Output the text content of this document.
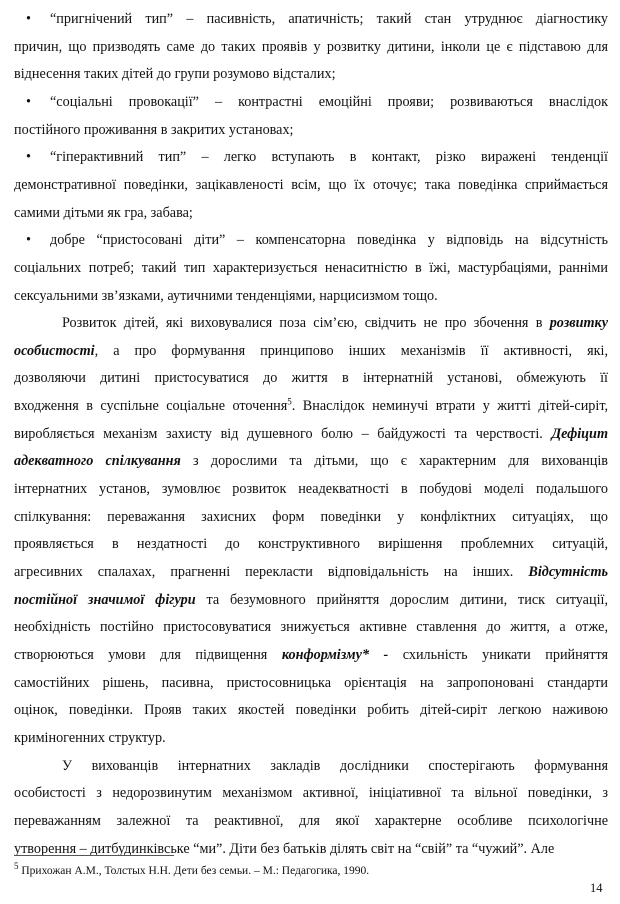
• “пригнічений тип” – пасивність, апатичність; такий стан утруднює діагностику
причин, що призводять саме до таких проявів у розвитку дитини, інколи це є підставою для
віднесення таких дітей до групи розумово відсталих;
• “соціальні провокації” – контрастні емоційні прояви; розвиваються внаслідок
постійного проживання в закритих установах;
• “гіперактивний тип” – легко вступають в контакт, різко виражені тенденції
демонстративної поведінки, зацікавленості всім, що їх оточує; така поведінка сприймається
самими дітьми як гра, забава;
• добре “пристосовані діти” – компенсаторна поведінка у відповідь на відсутність
соціальних потреб; такий тип характеризується ненаситністю в їжі, мастурбаціями, ранніми
сексуальними зв’язками, аутичними тенденціями, нарцисизмом тощо.
Розвиток дітей, які виховувалися поза сім’єю, свідчить не про збочення в розвитку
особистості, а про формування принципово інших механізмів її активності, які,
дозволяючи дитині пристосуватися до життя в інтернатній установі, обмежують її
входження в суспільне соціальне оточення$^5$. Внаслідок неминучі втрати у житті дітей-сиріт,
виробляється механізм захисту від душевного болю – байдужості та черствості. Дефіцит
адекватного спілкування з дорослими та дітьми, що є характерним для вихованців
інтернатних установ, зумовлює розвиток неадекватності в побудові моделі подальшого
спілкування: переважання захисних форм поведінки у конфліктних ситуаціях, що
проявляється в нездатності до конструктивного вирішення проблемних ситуацій,
агресивних спалахах, прагненні перекласти відповідальність на інших. Відсутність
постійної значимої фігури та безумовного прийняття дорослим дитини, тиск ситуації,
необхідність постійно пристосовуватися знижується активне ставлення до життя, а отже,
створюються умови для підвищення конформізму* - схильність уникати прийняття
самостійних рішень, пасивна, пристосовницька орієнтація на запропоновані стандарти
оцінок, поведінки. Прояв таких якостей поведінки робить дітей-сиріт легкою наживою
криміногенних структур.
У вихованців інтернатних закладів дослідники спостерігають формування
особистості з недорозвинутим механізмом активної, ініціативної та вільної поведінки, з
переважанням залежної та реактивної, для якої характерне особливе психологічне
утворення – дитбудинківське “ми”. Діти без батьків ділять світ на “свій” та “чужий”. Але
$^5$ Прихожан А.М., Толстых Н.Н. Дети без семьи. – М.: Педагогика, 1990.
14
